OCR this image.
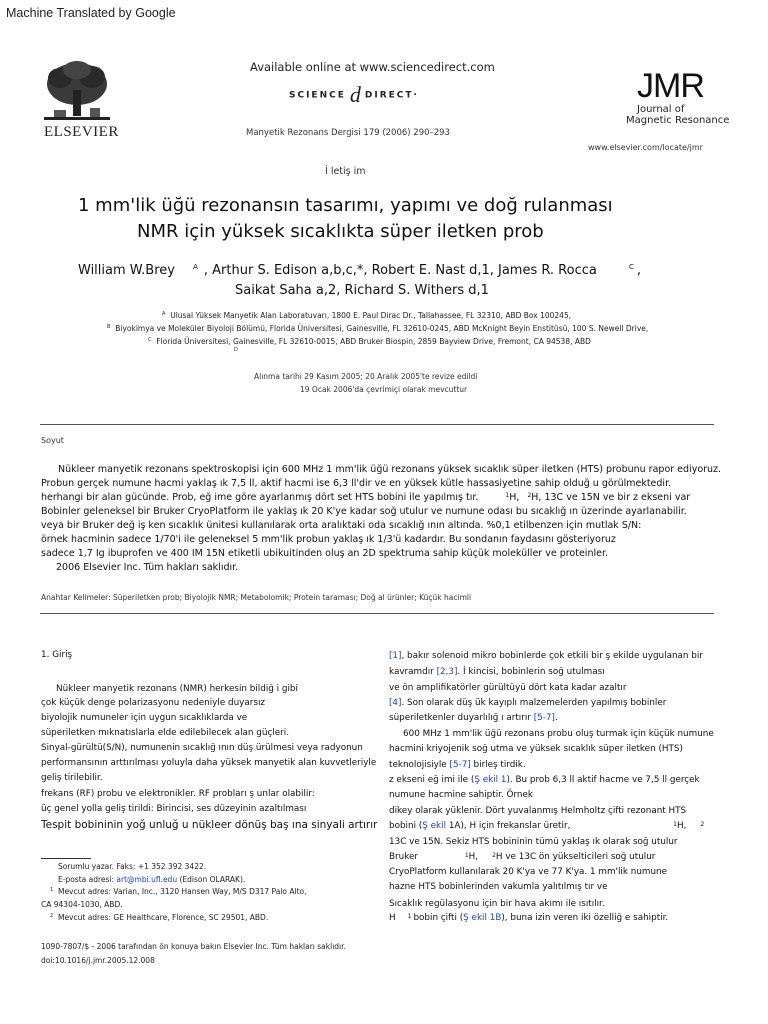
Machine Translated by Google
ELSEVIER
Available online at www.sciencedirect.com
SCIENCE d DIRECT·
Manyetik Rezonans Dergisi 179 (2006) 290–293
JMR
Journal of
Magnetic Resonance
www.elsevier.com/locate/jmr
İ letiş im
1 mm'lik üğü rezonansın tasarımı, yapımı ve doğ rulanması
NMR için yüksek sıcaklıkta süper iletken prob
William W.Brey	$^A$ , Arthur S. Edison a,b,c,*, Robert E. Nast d,1, James R. Rocca	$^C$ ,
Saikat Saha a,2, Richard S. Withers d,1
$^A$ Ulusal Yüksek Manyetik Alan Laboratuvarı, 1800 E. Paul Dirac Dr., Tallahassee, FL 32310, ABD Box 100245,
$^B$ Biyokimya ve Moleküler Biyoloji Bölümü, Florida Üniversitesi, Gainesville, FL 32610-0245, ABD McKnight Beyin Enstitüsü, 100 S. Newell Drive,
$^C$ Florida Üniversitesi, Gainesville, FL 32610-0015, ABD Bruker Biospin, 2859 Bayview Drive, Fremont, CA 94538, ABD
$^D$
Alınma tarihi 29 Kasım 2005; 20 Aralık 2005'te revize edildi
19 Ocak 2006'da çevrimiçi olarak mevcuttur
Soyut
Nükleer manyetik rezonans spektroskopisi için 600 MHz 1 mm'lik üğü rezonans yüksek sıcaklık süper iletken (HTS) probunu rapor ediyoruz.
Probun gerçek numune hacmi yaklaş ık 7,5 ll, aktif hacmi ise 6,3 ll'dir ve en yüksek kütle hassasiyetine sahip olduğ u görülmektedir.
herhangi bir alan gücünde. Prob, eğ ime göre ayarlanmış dört set HTS bobini ile yapılmış tır.	$^1$H, $^2$H, 13C ve 15N ve bir z ekseni var
Bobinler geleneksel bir Bruker CryoPlatform ile yaklaş ık 20 K'ye kadar soğ utulur ve numune odası bu sıcaklığ ın üzerinde ayarlanabilir.
veya bir Bruker değ iş ken sıcaklık ünitesi kullanılarak orta aralıktaki oda sıcaklığ ının altında. %0,1 etilbenzen için mutlak S/N:
örnek hacminin sadece 1/70'i ile geleneksel 5 mm'lik probun yaklaş ık 1/3'ü kadardır. Bu sondanın faydasını gösteriyoruz
sadece 1,7 Ig ibuprofen ve 400 IM 15N etiketli ubikuitinden oluş an 2D spektruma sahip küçük moleküller ve proteinler.
2006 Elsevier Inc. Tüm hakları saklıdır.
Anahtar Kelimeler: Süperiletken prob; Biyolojik NMR; Metabolomik; Protein taraması; Doğ al ürünler; Küçük hacimli
1. Giriş
Nükleer manyetik rezonans (NMR) herkesin bildiğ i gibi
çok küçük denge polarizasyonu nedeniyle duyarsız
biyolojik numuneler için uygun sıcaklıklarda ve
süperiletken mıknatıslarla elde edilebilecek alan güçleri.
Sinyal-gürültü(S/N), numunenin sıcaklığ ının düş ürülmesi veya radyonun
performansının arttırılması yoluyla daha yüksek manyetik alan kuvvetleriyle
geliş tirilebilir.
frekans (RF) probu ve elektronikler. RF probları ş unlar olabilir:
üç genel yolla geliş tirildi: Birincisi, ses düzeyinin azaltılması
Tespit bobininin yoğ unluğ u nükleer dönüş baş ına sinyali artırır
Sorumlu yazar. Faks: +1 352 392 3422.
E-posta adresi: art@mbi.ufl.edu (Edison OLARAK).
$^1$ Mevcut adres: Varian, Inc., 3120 Hansen Way, M/S D317 Palo Alto,
CA 94304-1030, ABD.
$^2$ Mevcut adres: GE Healthcare, Florence, SC 29501, ABD.
1090-7807/$ - 2006 tarafından ön konuya bakın Elsevier Inc. Tüm hakları saklıdır.
doi:10.1016/j.jmr.2005.12.008
[1], bakır solenoid mikro bobinlerde çok etkili bir ş ekilde uygulanan bir
kavramdır [2,3]. İ kincisi, bobinlerin soğ utulması
ve ön amplifikatörler gürültüyü dört kata kadar azaltır
[4]. Son olarak düş ük kayıplı malzemelerden yapılmış bobinler
süperiletkenler duyarlılığ ı artırır [5-7].
600 MHz 1 mm'lik üğü rezonans probu oluş turmak için küçük numune
hacmini kriyojenik soğ utma ve yüksek sıcaklık süper iletken (HTS)
teknolojisiyle [5-7] birleş tirdik.
z ekseni eğ imi ile (Ş ekil 1). Bu prob 6,3 ll aktif hacme ve 7,5 ll gerçek
numune hacmine sahiptir. Örnek
dikey olarak yüklenir. Dört yuvalanmış Helmholtz çifti rezonant HTS
bobini (Ş ekil 1A), H için frekanslar üretir,	$^1$H, $^2$
13C ve 15N. Sekiz HTS bobininin tümü yaklaş ık olarak soğ utulur
Bruker	$^1$H, $^2$H ve 13C ön yükselticileri soğ utulur
CryoPlatform kullanılarak 20 K'ya ve 77 K'ya. 1 mm'lik numune
hazne HTS bobinlerinden vakumla yalıtılmış tır ve
Sıcaklık regülasyonu için bir hava akımı ile ısıtılır.
H $^1$ bobin çifti (Ş ekil 1B), buna izin veren iki özelliğ e sahiptir.
